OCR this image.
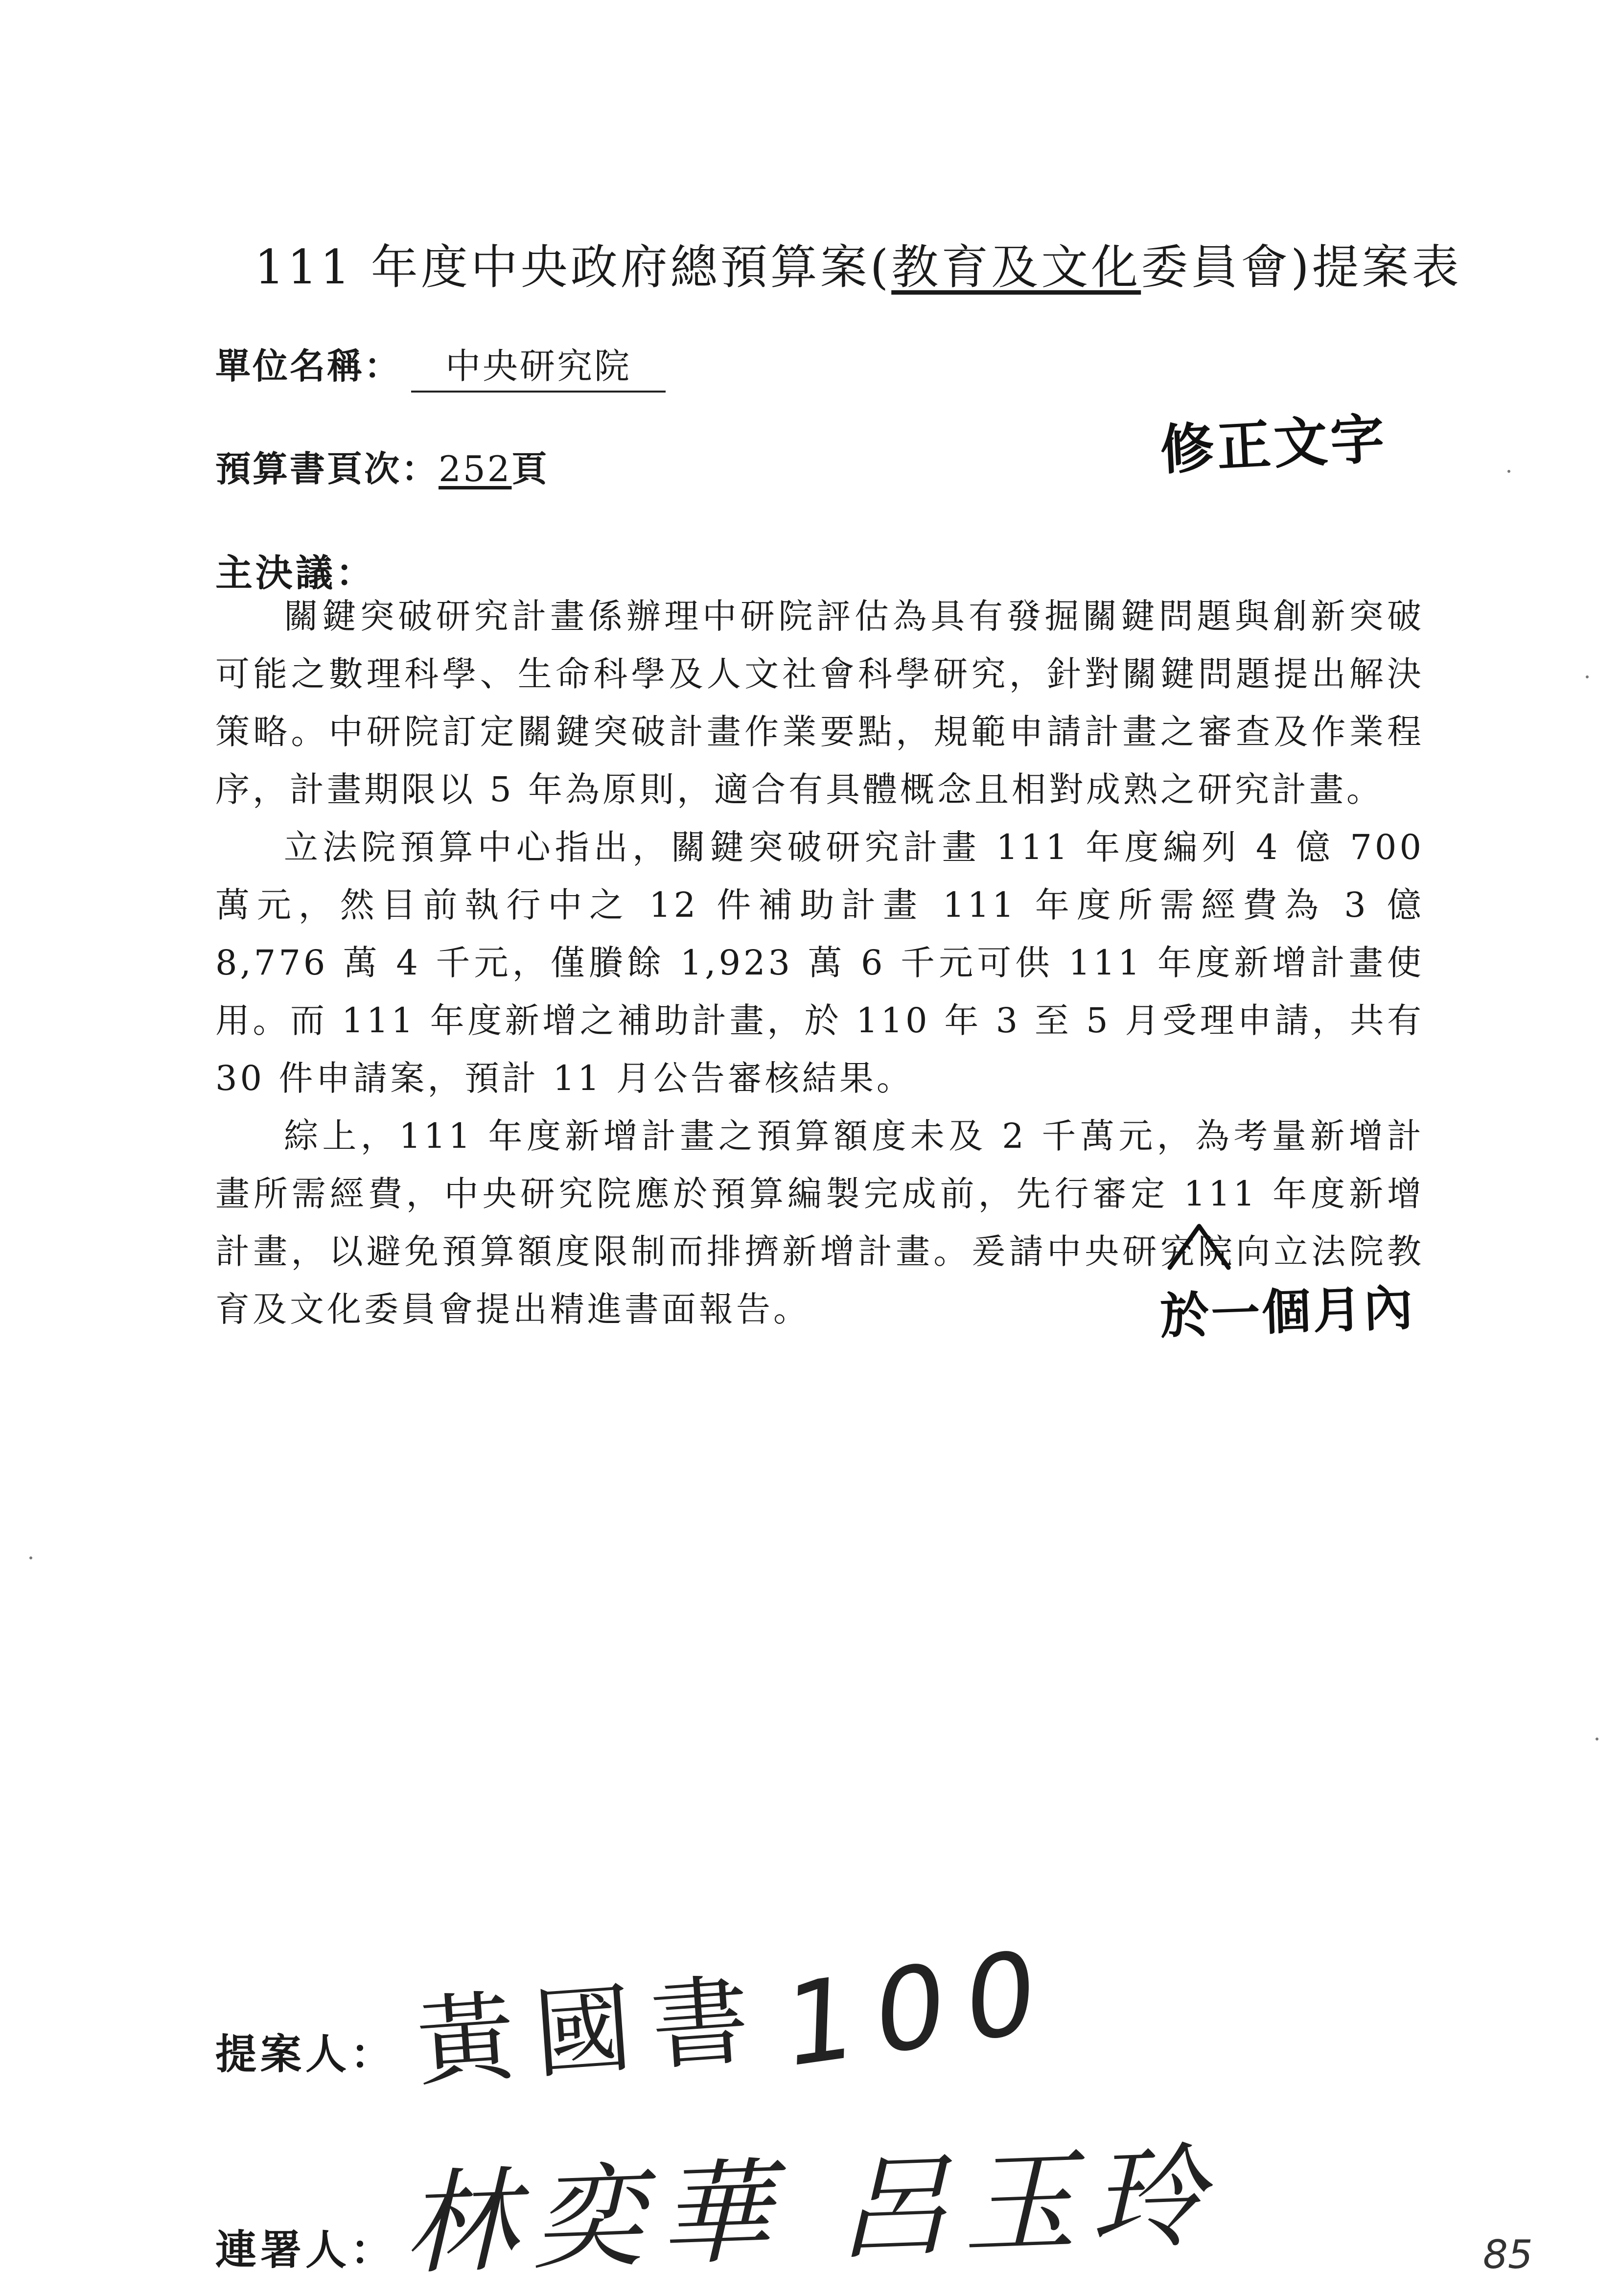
111 年度中央政府總預算案(教育及文化委員會)提案表
單位名稱： 中央研究院
預算書頁次：252頁	修正文字
主決議：

關鍵突破研究計畫係辦理中研院評估為具有發掘關鍵問題與創新突破可能之數理科學、生命科學及人文社會科學研究，針對關鍵問題提出解決策略。中研院訂定關鍵突破計畫作業要點，規範申請計畫之審查及作業程序，計畫期限以 5 年為原則，適合有具體概念且相對成熟之研究計畫。

立法院預算中心指出，關鍵突破研究計畫 111 年度編列 4 億 700 萬元，然目前執行中之 12 件補助計畫 111 年度所需經費為 3 億 8,776 萬 4 千元，僅賸餘 1,923 萬 6 千元可供 111 年度新增計畫使用。而 111 年度新增之補助計畫，於 110 年 3 至 5 月受理申請，共有 30 件申請案，預計 11 月公告審核結果。

綜上，111 年度新增計畫之預算額度未及 2 千萬元，為考量新增計畫所需經費，中央研究院應於預算編製完成前，先行審定 111 年度新增計畫，以避免預算額度限制而排擠新增計畫。爰請中央研究院向立法院教育及文化委員會提出精進書面報告。	於一個月內
提案人： 黃國書 100
連署人： 林奕華 呂玉玲	85
